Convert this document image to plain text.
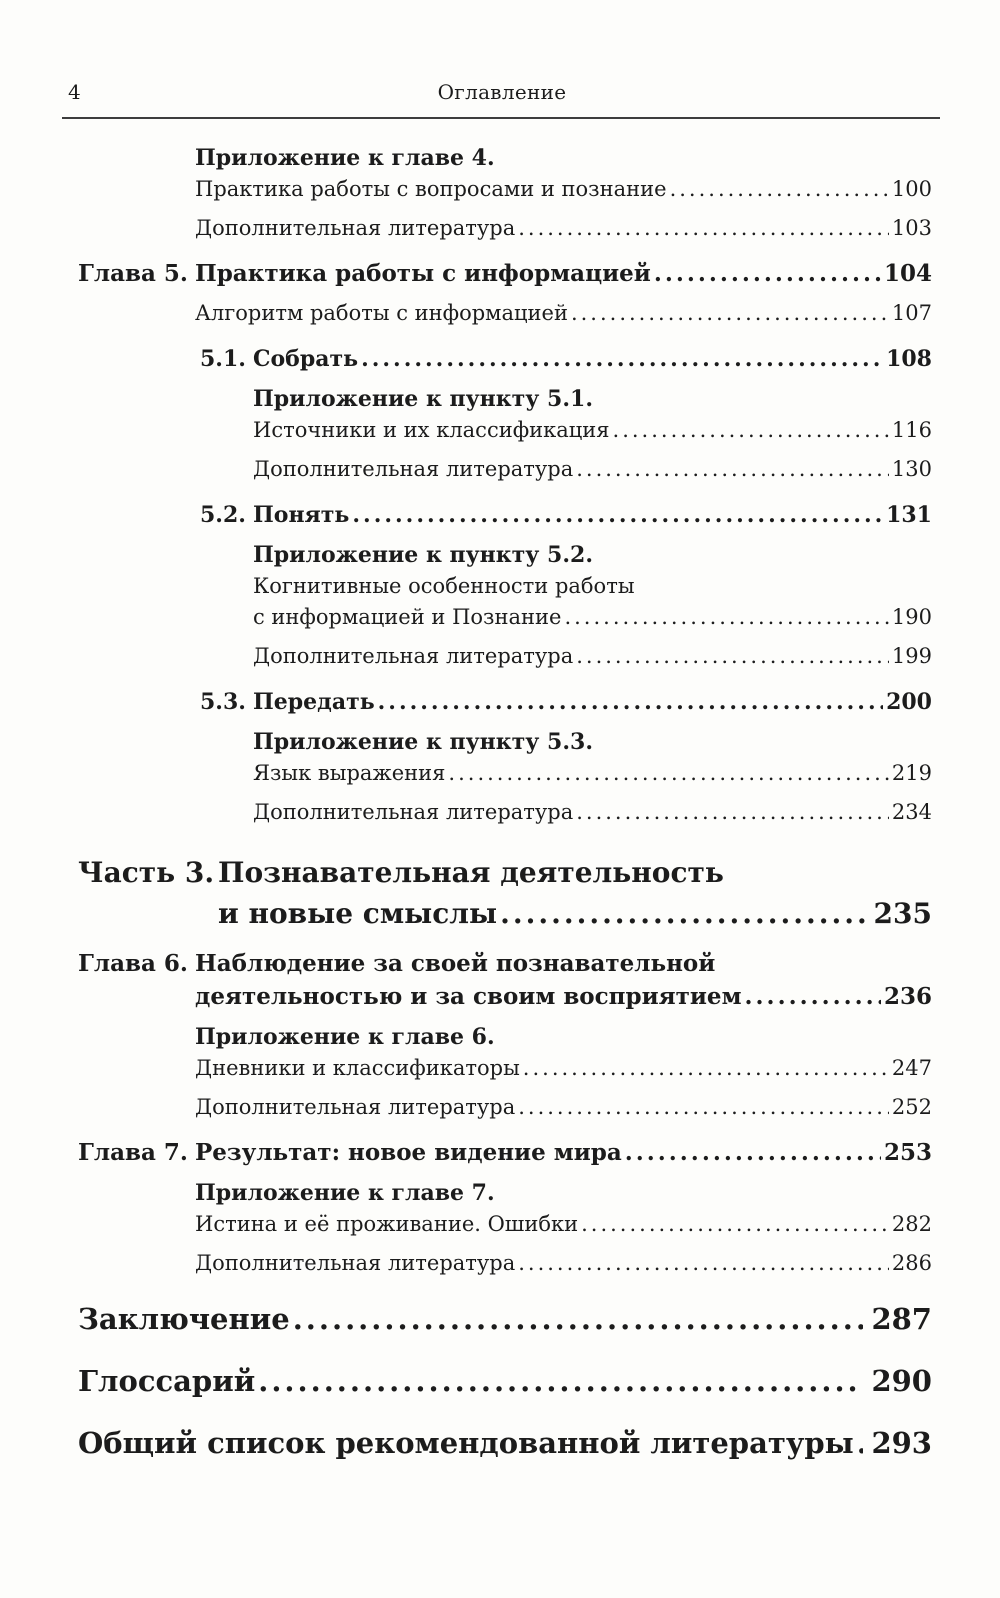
4	Оглавление
Приложение к главе 4.
Практика работы с вопросами и познание .....	100
Дополнительная литература .....	103
Глава 5. Практика работы с информацией .....	104
Алгоритм работы с информацией .....	107
5.1. Собрать .....	108
Приложение к пункту 5.1.
Источники и их классификация .....	116
Дополнительная литература .....	130
5.2. Понять .....	131
Приложение к пункту 5.2.
Когнитивные особенности работы
с информацией и Познание .....	190
Дополнительная литература .....	199
5.3. Передать .....	200
Приложение к пункту 5.3.
Язык выражения .....	219
Дополнительная литература .....	234
Часть 3. Познавательная деятельность
и новые смыслы .....	235
Глава 6. Наблюдение за своей познавательной
деятельностью и за своим восприятием .....	236
Приложение к главе 6.
Дневники и классификаторы .....	247
Дополнительная литература .....	252
Глава 7. Результат: новое видение мира .....	253
Приложение к главе 7.
Истина и её проживание. Ошибки .....	282
Дополнительная литература .....	286
Заключение .....	287
Глоссарий .....	290
Общий список рекомендованной литературы ..... 293
